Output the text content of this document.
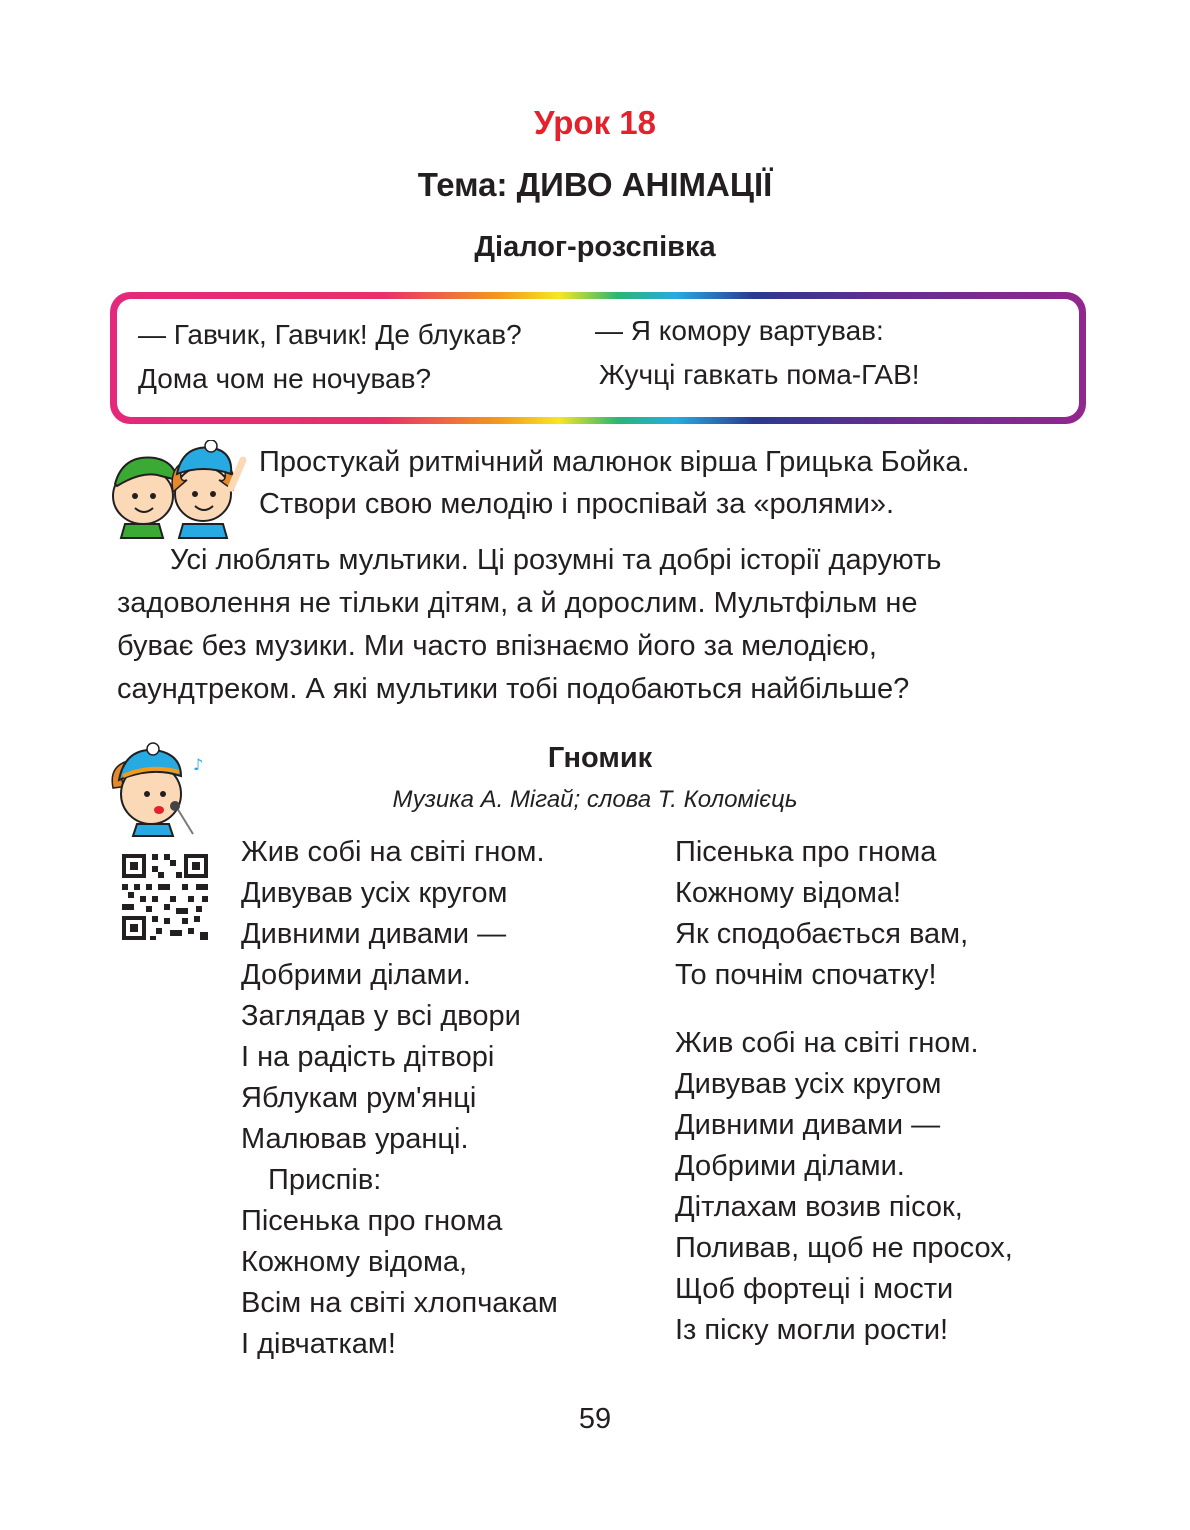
Урок 18
Тема: ДИВО АНІМАЦІЇ
Діалог-розспівка
— Гавчик, Гавчик! Де блукав?
Дома чом не ночував?
— Я комору вартував:
Жучці гавкать пома-ГАВ!
Простукай ритмічний малюнок вірша Грицька Бойка.
Створи свою мелодію і проспівай за «ролями».
Усі люблять мультики. Ці розумні та добрі історії дарують
задоволення не тільки дітям, а й дорослим. Мультфільм не
буває без музики. Ми часто впізнаємо його за мелодією,
саундтреком. А які мультики тобі подобаються найбільше?
♪	Гномик
Музика А. Мігай; слова Т. Коломієць
Жив собі на світі гном.
Дивував усіх кругом
Дивними дивами —
Добрими ділами.
Заглядав у всі двори
І на радість дітворі
Яблукам рум'янці
Малював уранці.
Приспів:
Пісенька про гнома
Кожному відома,
Всім на світі хлопчакам
І дівчаткам!
Пісенька про гнома
Кожному відома!
Як сподобається вам,
То почнім спочатку!
Жив собі на світі гном.
Дивував усіх кругом
Дивними дивами —
Добрими ділами.
Дітлахам возив пісок,
Поливав, щоб не просох,
Щоб фортеці і мости
Із піску могли рости!
59
